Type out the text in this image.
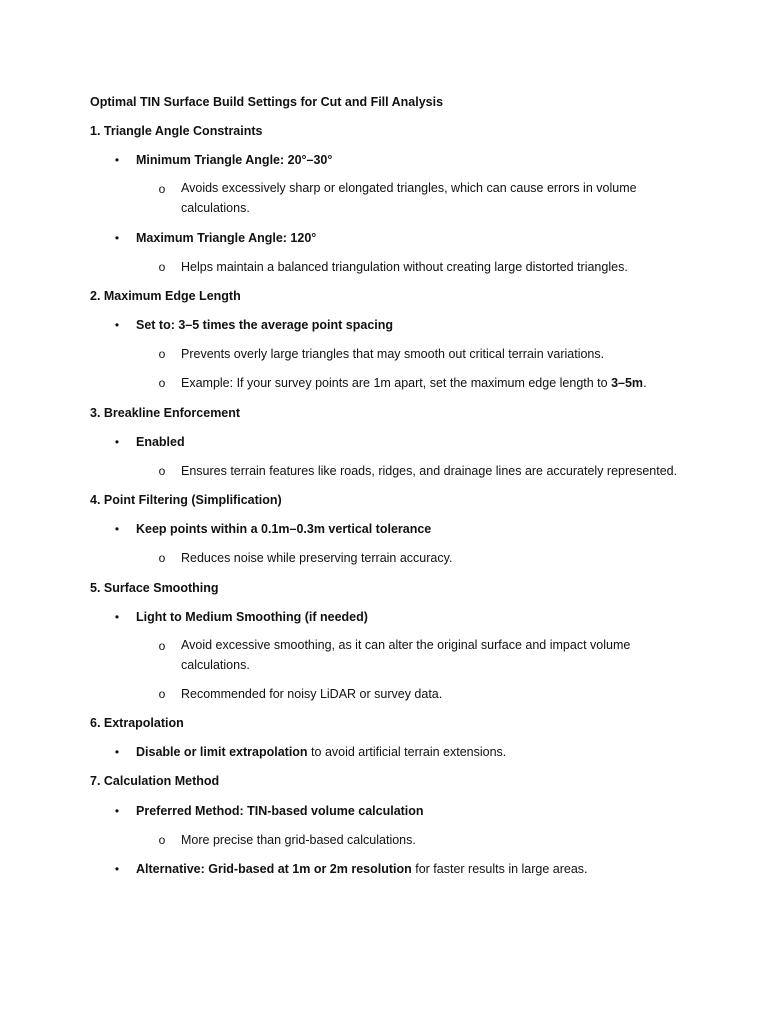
Optimal TIN Surface Build Settings for Cut and Fill Analysis
1. Triangle Angle Constraints
• Minimum Triangle Angle: 20°–30°
o Avoids excessively sharp or elongated triangles, which can cause errors in volume calculations.
• Maximum Triangle Angle: 120°
o Helps maintain a balanced triangulation without creating large distorted triangles.
2. Maximum Edge Length
• Set to: 3–5 times the average point spacing
o Prevents overly large triangles that may smooth out critical terrain variations.
o Example: If your survey points are 1m apart, set the maximum edge length to 3–5m.
3. Breakline Enforcement
• Enabled
o Ensures terrain features like roads, ridges, and drainage lines are accurately represented.
4. Point Filtering (Simplification)
• Keep points within a 0.1m–0.3m vertical tolerance
o Reduces noise while preserving terrain accuracy.
5. Surface Smoothing
• Light to Medium Smoothing (if needed)
o Avoid excessive smoothing, as it can alter the original surface and impact volume calculations.
o Recommended for noisy LiDAR or survey data.
6. Extrapolation
• Disable or limit extrapolation to avoid artificial terrain extensions.
7. Calculation Method
• Preferred Method: TIN-based volume calculation
o More precise than grid-based calculations.
• Alternative: Grid-based at 1m or 2m resolution for faster results in large areas.
